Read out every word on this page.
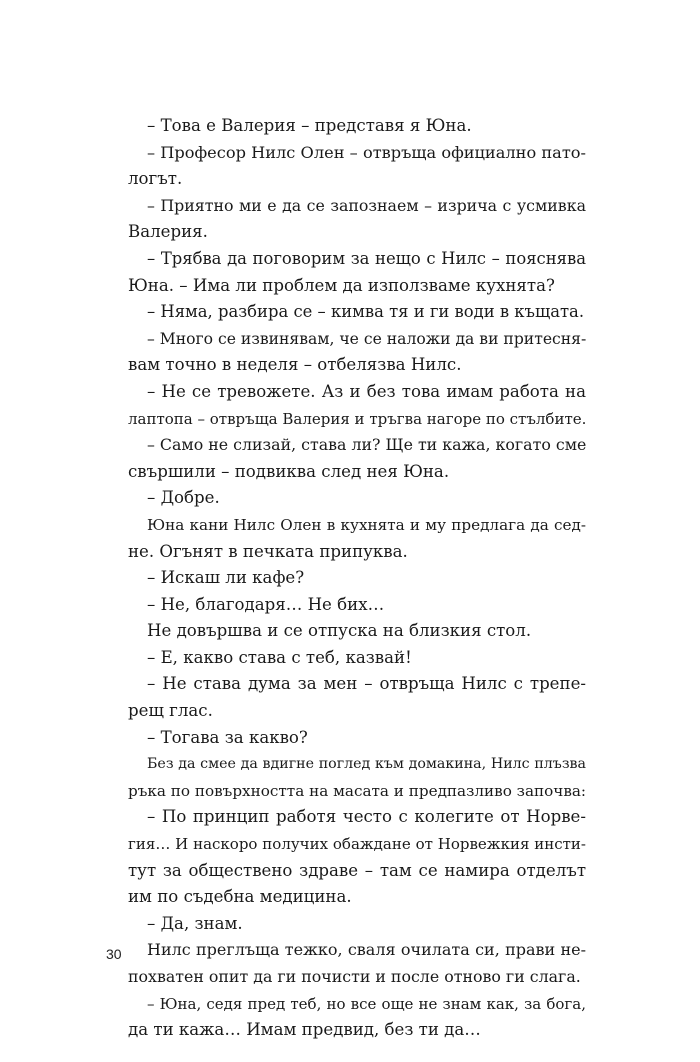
– Това е Валерия – представя я Юна.
– Професор Нилс Олен – отвръща официално пато-
логът.
– Приятно ми е да се запознаем – изрича с усмивка
Валерия.
– Трябва да поговорим за нещо с Нилс – пояснява
Юна. – Има ли проблем да използваме кухнята?
– Няма, разбира се – кимва тя и ги води в къщата.
– Много се извинявам, че се наложи да ви притесня-
вам точно в неделя – отбелязва Нилс.
– Не се тревожете. Аз и без това имам работа на
лаптопа – отвръща Валерия и тръгва нагоре по стълбите.
– Само не слизай, става ли? Ще ти кажа, когато сме
свършили – подвиква след нея Юна.
– Добре.
Юна кани Нилс Олен в кухнята и му предлага да сед-
не. Огънят в печката припуква.
– Искаш ли кафе?
– Не, благодаря… Не бих…
Не довършва и се отпуска на близкия стол.
– Е, какво става с теб, казвай!
– Не става дума за мен – отвръща Нилс с трепе-
рещ глас.
– Тогава за какво?
Без да смее да вдигне поглед към домакина, Нилс плъзва
ръка по повърхността на масата и предпазливо започва:
– По принцип работя често с колегите от Норве-
гия… И наскоро получих обаждане от Норвежкия инсти-
тут за обществено здраве – там се намира отделът
им по съдебна медицина.
– Да, знам.
Нилс преглъща тежко, сваля очилата си, прави не-
похватен опит да ги почисти и после отново ги слага.
– Юна, седя пред теб, но все още не знам как, за бога,
да ти кажа… Имам предвид, без ти да…
30
